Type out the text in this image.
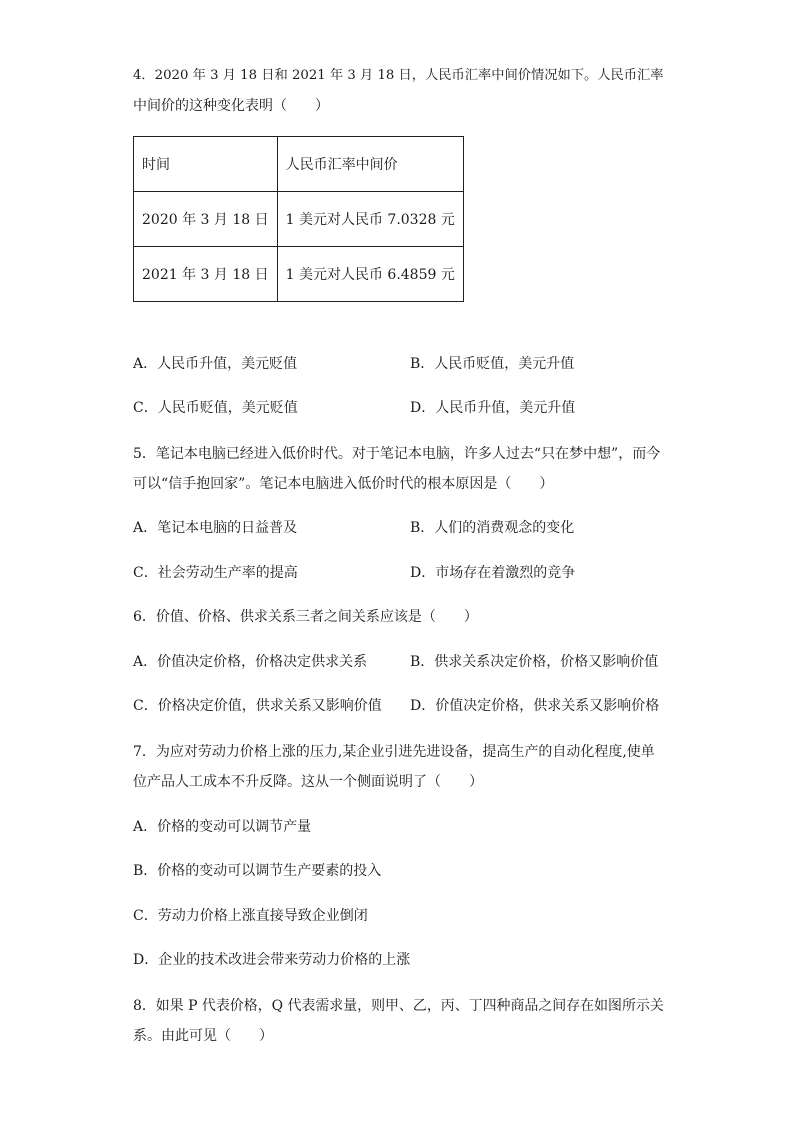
4．2020 年 3 月 18 日和 2021 年 3 月 18 日，人民币汇率中间价情况如下。人民币汇率
中间价的这种变化表明（　　）
时间	人民币汇率中间价
2020 年 3 月 18 日	1 美元对人民币 7.0328 元
2021 年 3 月 18 日	1 美元对人民币 6.4859 元
A．人民币升值，美元贬值	B．人民币贬值，美元升值
C．人民币贬值，美元贬值	D．人民币升值，美元升值
5．笔记本电脑已经进入低价时代。对于笔记本电脑，许多人过去“只在梦中想”，而今
可以“信手抱回家”。笔记本电脑进入低价时代的根本原因是（　　）
A．笔记本电脑的日益普及	B．人们的消费观念的变化
C．社会劳动生产率的提高	D．市场存在着激烈的竞争
6．价值、价格、供求关系三者之间关系应该是（　　）
A．价值决定价格，价格决定供求关系	B．供求关系决定价格，价格又影响价值
C．价格决定价值，供求关系又影响价值 D．价值决定价格，供求关系又影响价格
7．为应对劳动力价格上涨的压力,某企业引进先进设备，提高生产的自动化程度,使单
位产品人工成本不升反降。这从一个侧面说明了（　　）
A．价格的变动可以调节产量
B．价格的变动可以调节生产要素的投入
C．劳动力价格上涨直接导致企业倒闭
D．企业的技术改进会带来劳动力价格的上涨
8．如果 P 代表价格，Q 代表需求量，则甲、乙，丙、丁四种商品之间存在如图所示关
系。由此可见（　　）
